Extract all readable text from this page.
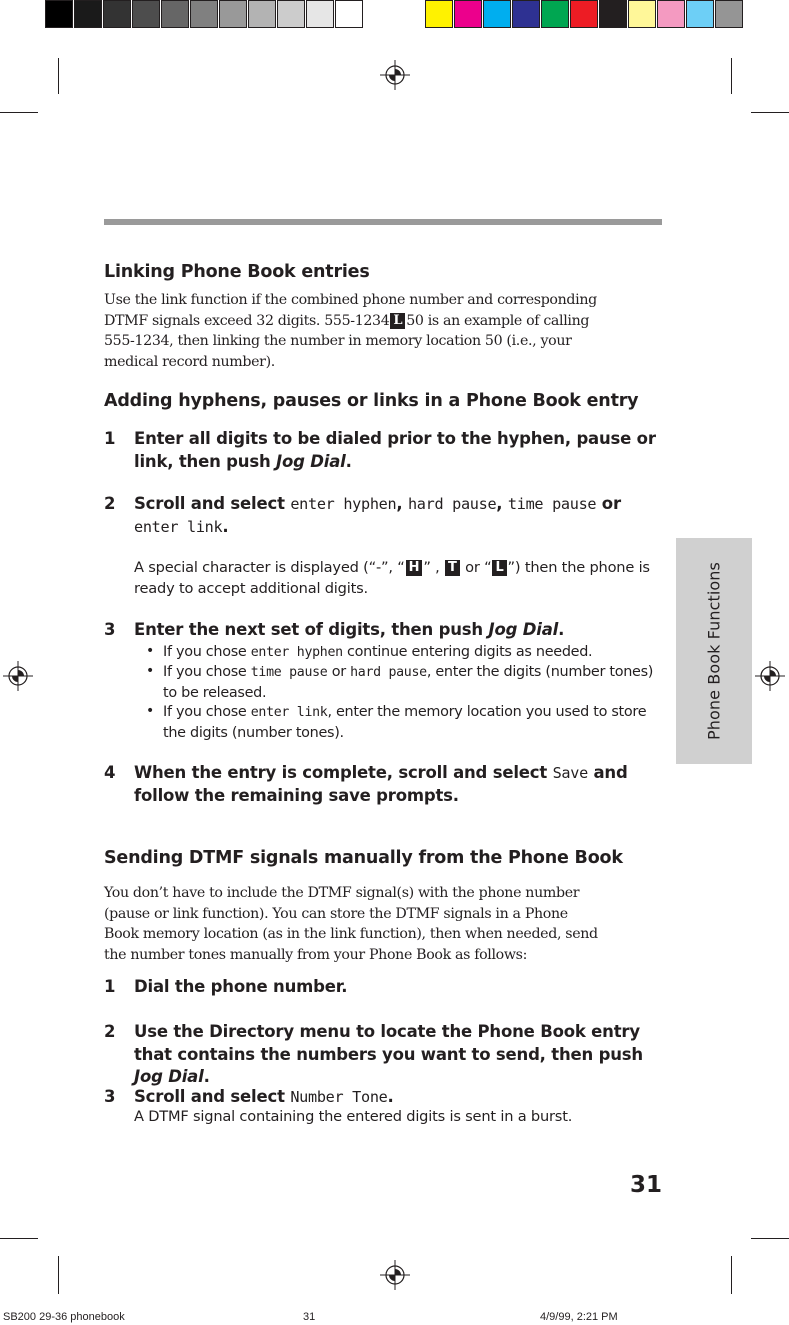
Phone Book Functions
Linking Phone Book entries
Use the link function if the combined phone number and corresponding
DTMF signals exceed 32 digits. 555-1234 L 50 is an example of calling
555-1234, then linking the number in memory location 50 (i.e., your
medical record number).
Adding hyphens, pauses or links in a Phone Book entry
1 Enter all digits to be dialed prior to the hyphen, pause or link, then push Jog Dial.
2 Scroll and select enter hyphen, hard pause, time pause or enter link.
A special character is displayed (“-”, “ H ” , T or “ L ”) then the phone is ready to accept additional digits.
3 Enter the next set of digits, then push Jog Dial.
• If you chose enter hyphen continue entering digits as needed.
• If you chose time pause or hard pause, enter the digits (number tones) to be released.
• If you chose enter link, enter the memory location you used to store the digits (number tones).
4 When the entry is complete, scroll and select Save and follow the remaining save prompts.
Sending DTMF signals manually from the Phone Book
You don’t have to include the DTMF signal(s) with the phone number
(pause or link function). You can store the DTMF signals in a Phone
Book memory location (as in the link function), then when needed, send
the number tones manually from your Phone Book as follows:
1 Dial the phone number.
2 Use the Directory menu to locate the Phone Book entry that contains the numbers you want to send, then push Jog Dial.
3 Scroll and select Number Tone.
A DTMF signal containing the entered digits is sent in a burst.
31
SB200 29-36 phonebook	31	4/9/99, 2:21 PM
